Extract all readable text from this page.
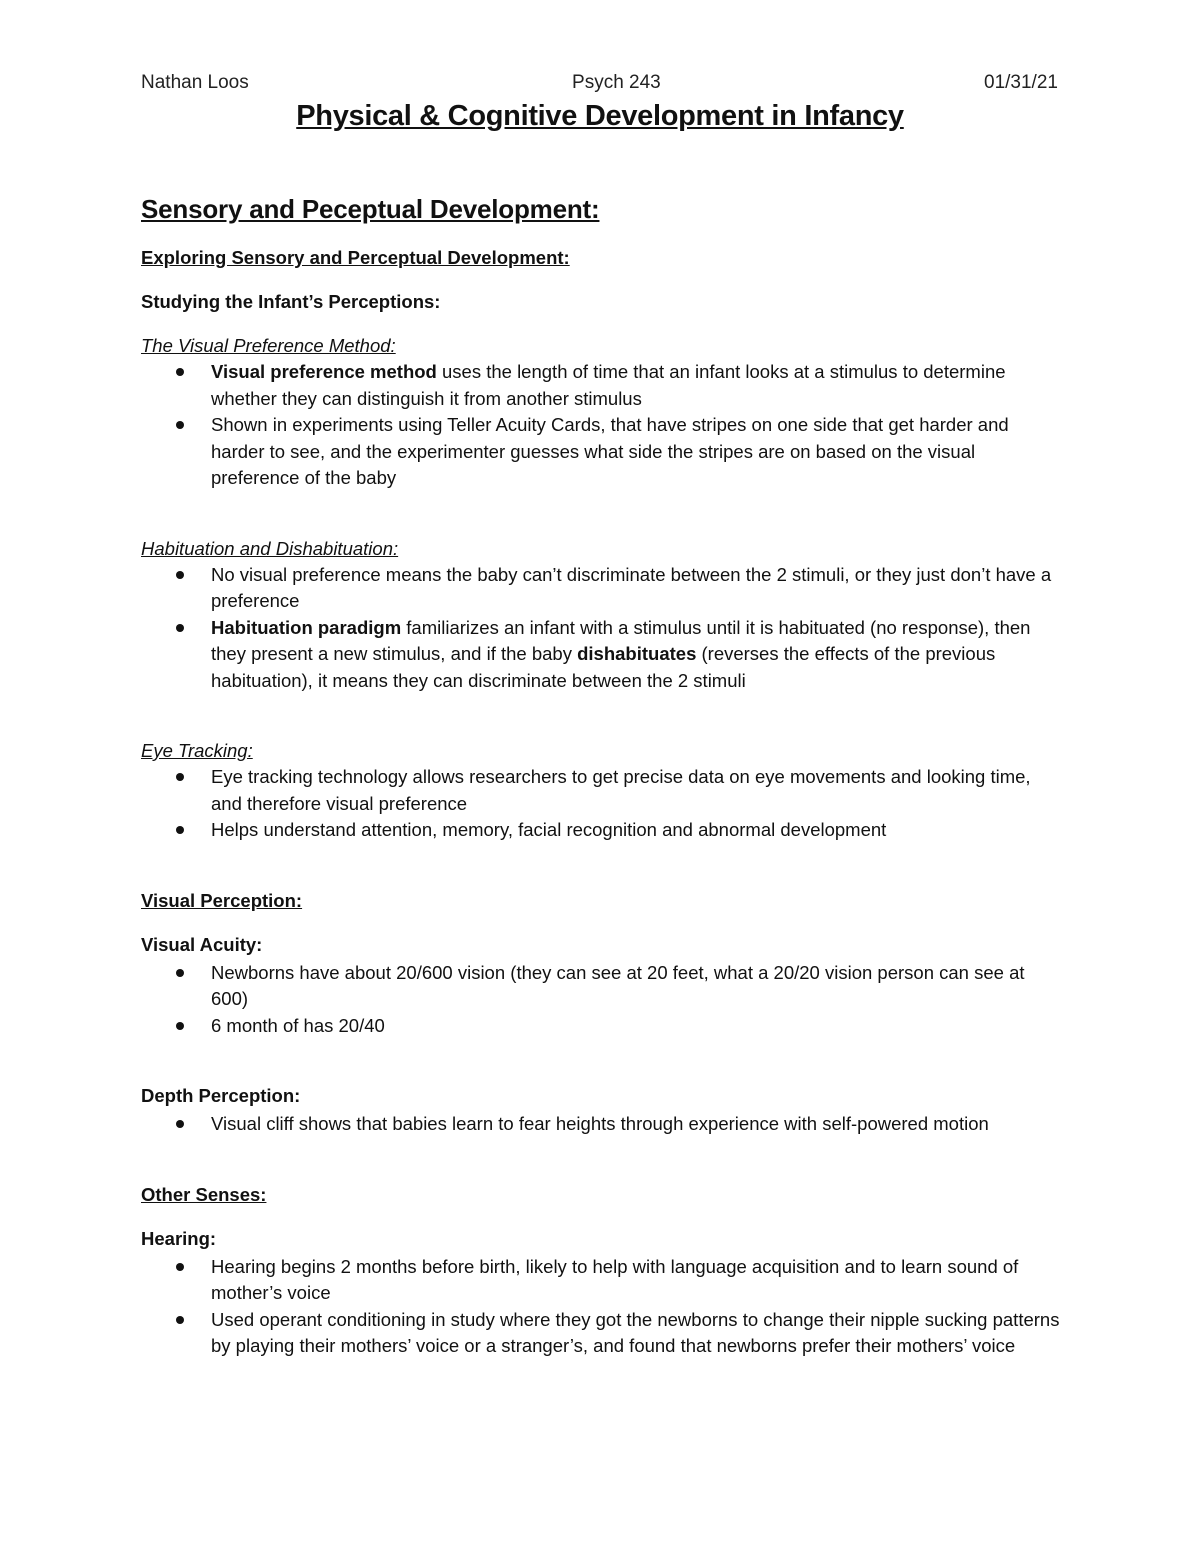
Nathan Loos	Psych 243	01/31/21
Physical & Cognitive Development in Infancy
Sensory and Peceptual Development:
Exploring Sensory and Perceptual Development:
Studying the Infant’s Perceptions:
The Visual Preference Method:
Visual preference method uses the length of time that an infant looks at a stimulus to determine whether they can distinguish it from another stimulus
Shown in experiments using Teller Acuity Cards, that have stripes on one side that get harder and harder to see, and the experimenter guesses what side the stripes are on based on the visual preference of the baby
Habituation and Dishabituation:
No visual preference means the baby can’t discriminate between the 2 stimuli, or they just don’t have a preference
Habituation paradigm familiarizes an infant with a stimulus until it is habituated (no response), then they present a new stimulus, and if the baby dishabituates (reverses the effects of the previous habituation), it means they can discriminate between the 2 stimuli
Eye Tracking:
Eye tracking technology allows researchers to get precise data on eye movements and looking time, and therefore visual preference
Helps understand attention, memory, facial recognition and abnormal development
Visual Perception:
Visual Acuity:
Newborns have about 20/600 vision (they can see at 20 feet, what a 20/20 vision person can see at 600)
6 month of has 20/40
Depth Perception:
Visual cliff shows that babies learn to fear heights through experience with self-powered motion
Other Senses:
Hearing:
Hearing begins 2 months before birth, likely to help with language acquisition and to learn sound of mother’s voice
Used operant conditioning in study where they got the newborns to change their nipple sucking patterns by playing their mothers’ voice or a stranger’s, and found that newborns prefer their mothers’ voice
